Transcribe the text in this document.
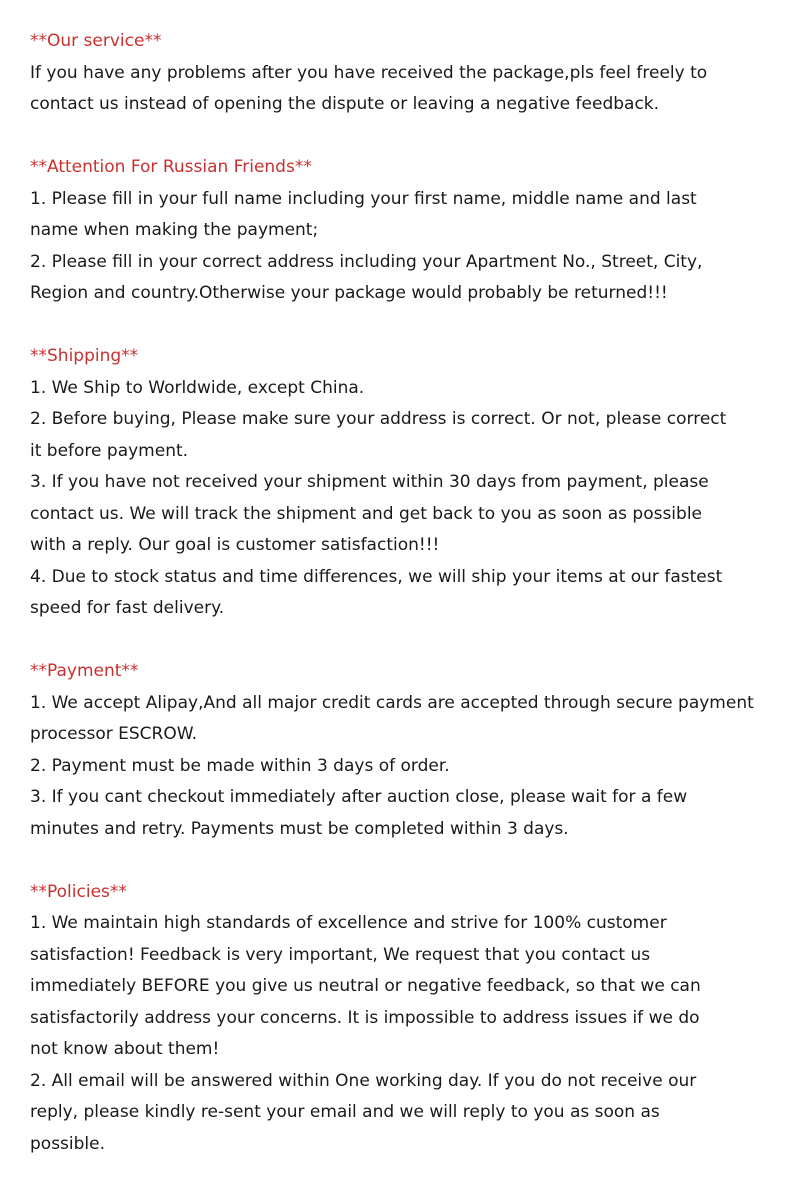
**Our service**
If you have any problems after you have received the package,pls feel freely to
contact us instead of opening the dispute or leaving a negative feedback.
**Attention For Russian Friends**
1. Please fill in your full name including your first name, middle name and last
name when making the payment;
2. Please fill in your correct address including your Apartment No., Street, City,
Region and country.Otherwise your package would probably be returned!!!
**Shipping**
1. We Ship to Worldwide, except China.
2. Before buying, Please make sure your address is correct. Or not, please correct
it before payment.
3. If you have not received your shipment within 30 days from payment, please
contact us. We will track the shipment and get back to you as soon as possible
with a reply. Our goal is customer satisfaction!!!
4. Due to stock status and time differences, we will ship your items at our fastest
speed for fast delivery.
**Payment**
1. We accept Alipay,And all major credit cards are accepted through secure payment
processor ESCROW.
2. Payment must be made within 3 days of order.
3. If you cant checkout immediately after auction close, please wait for a few
minutes and retry. Payments must be completed within 3 days.
**Policies**
1. We maintain high standards of excellence and strive for 100% customer
satisfaction! Feedback is very important, We request that you contact us
immediately BEFORE you give us neutral or negative feedback, so that we can
satisfactorily address your concerns. It is impossible to address issues if we do
not know about them!
2. All email will be answered within One working day. If you do not receive our
reply, please kindly re-sent your email and we will reply to you as soon as
possible.
